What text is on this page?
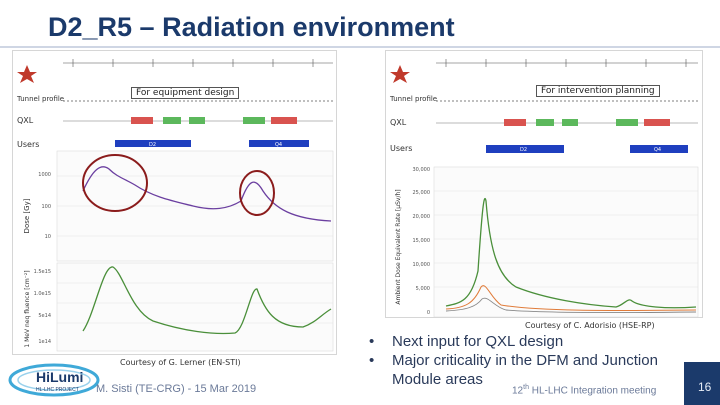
D2_R5 – Radiation environment
1000
100
10
1.5e15
1.0e15
5e14
1e14
Tunnel profile
QXL
Users	D2	Q4
Dose [Gy]
1 MeV neq fluence [cm⁻²]
For equipment design
30,000
25,000
20,000
15,000
10,000
5,000
0
Tunnel profile
QXL
Users	D2	Q4
Ambient Dose Equivalent Rate [µSv/h]
For intervention planning
Courtesy of G. Lerner (EN-STI)
Courtesy of C. Adorisio (HSE-RP)
• Next input for QXL design
• Major criticality in the DFM and Junction Module areas
HiLumi
HL-LHC PROJECT M. Sisti (TE-CRG) - 15 Mar 2019	12th HL-LHC Integration meeting	16
